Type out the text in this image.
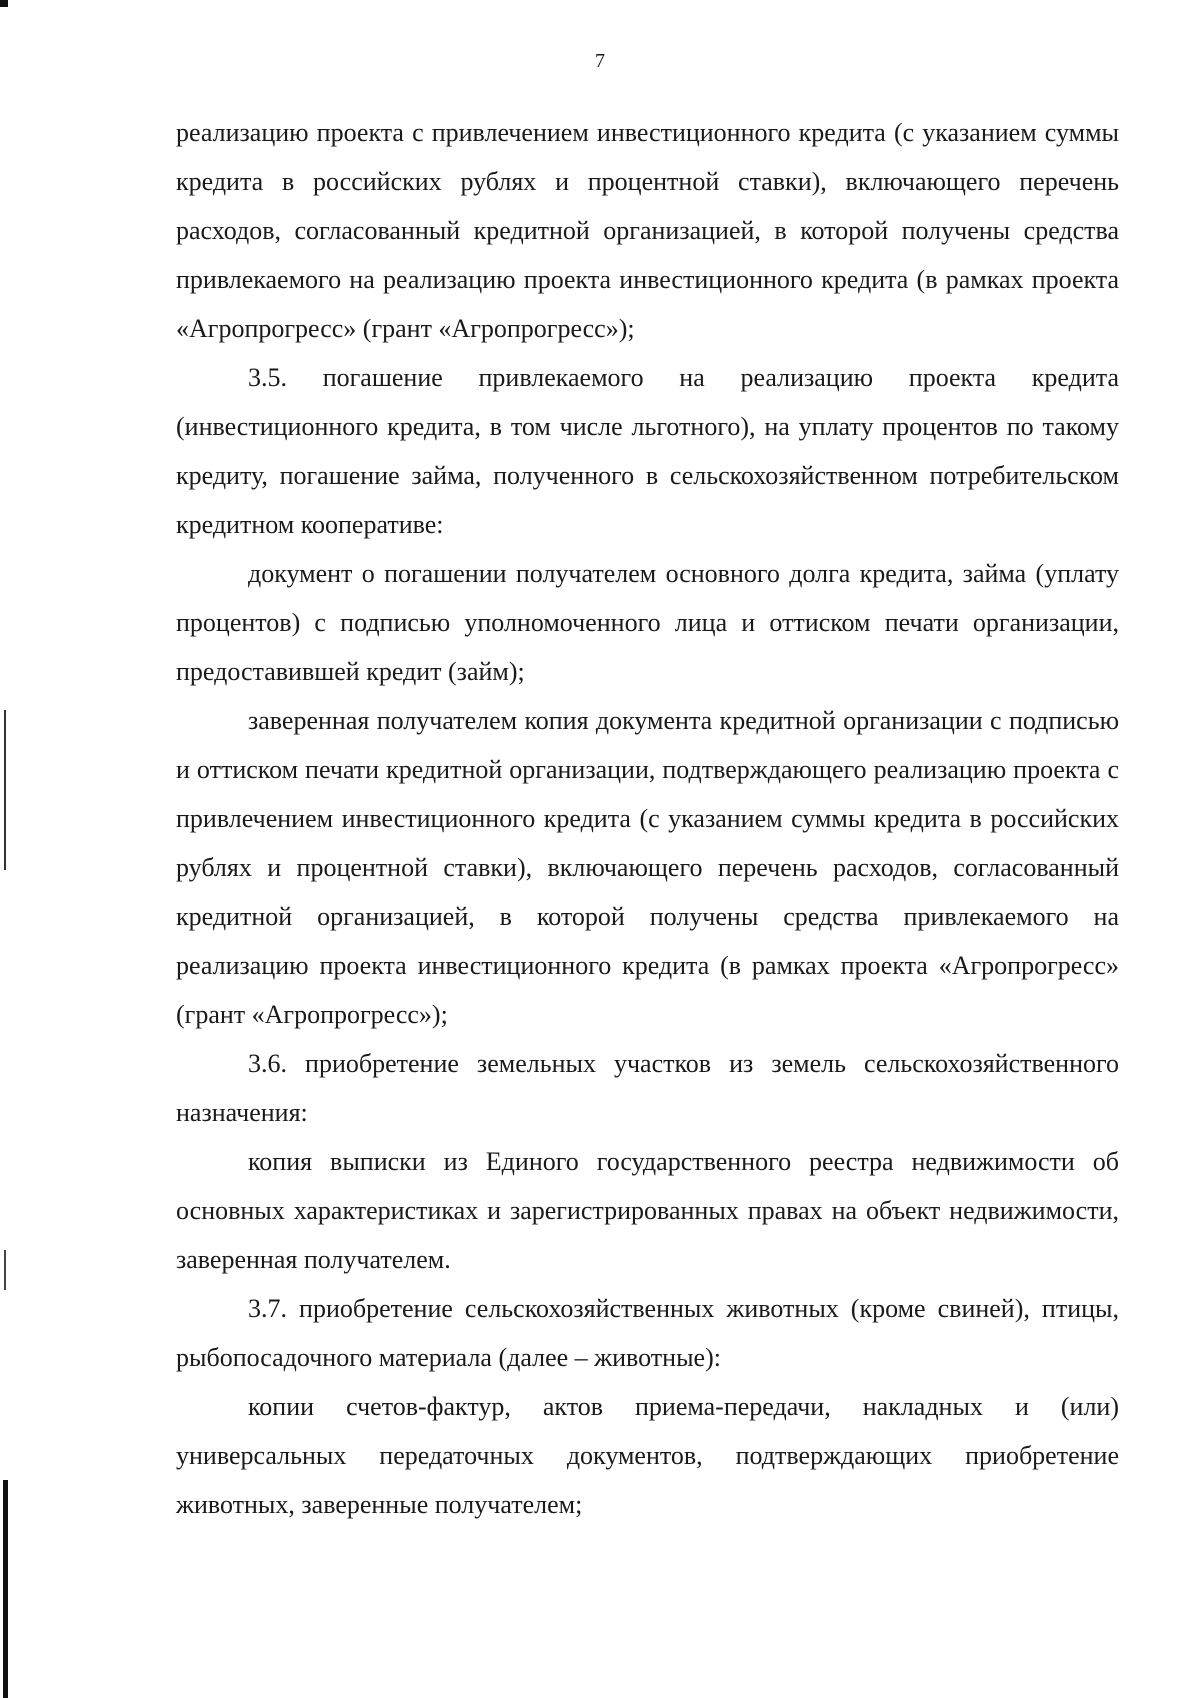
7

реализацию проекта с привлечением инвестиционного кредита (с указанием суммы кредита в российских рублях и процентной ставки), включающего перечень расходов, согласованный кредитной организацией, в которой получены средства привлекаемого на реализацию проекта инвестиционного кредита (в рамках проекта «Агропрогресс» (грант «Агропрогресс»);

3.5. погашение привлекаемого на реализацию проекта кредита (инвестиционного кредита, в том числе льготного), на уплату процентов по такому кредиту, погашение займа, полученного в сельскохозяйственном потребительском кредитном кооперативе:

документ о погашении получателем основного долга кредита, займа (уплату процентов) с подписью уполномоченного лица и оттиском печати организации, предоставившей кредит (займ);

заверенная получателем копия документа кредитной организации с подписью и оттиском печати кредитной организации, подтверждающего реализацию проекта с привлечением инвестиционного кредита (с указанием суммы кредита в российских рублях и процентной ставки), включающего перечень расходов, согласованный кредитной организацией, в которой получены средства привлекаемого на реализацию проекта инвестиционного кредита (в рамках проекта «Агропрогресс» (грант «Агропрогресс»);

3.6. приобретение земельных участков из земель сельскохозяйственного назначения:

копия выписки из Единого государственного реестра недвижимости об основных характеристиках и зарегистрированных правах на объект недвижимости, заверенная получателем.

3.7. приобретение сельскохозяйственных животных (кроме свиней), птицы, рыбопосадочного материала (далее – животные):

копии счетов-фактур, актов приема-передачи, накладных и (или) универсальных передаточных документов, подтверждающих приобретение животных, заверенные получателем;
